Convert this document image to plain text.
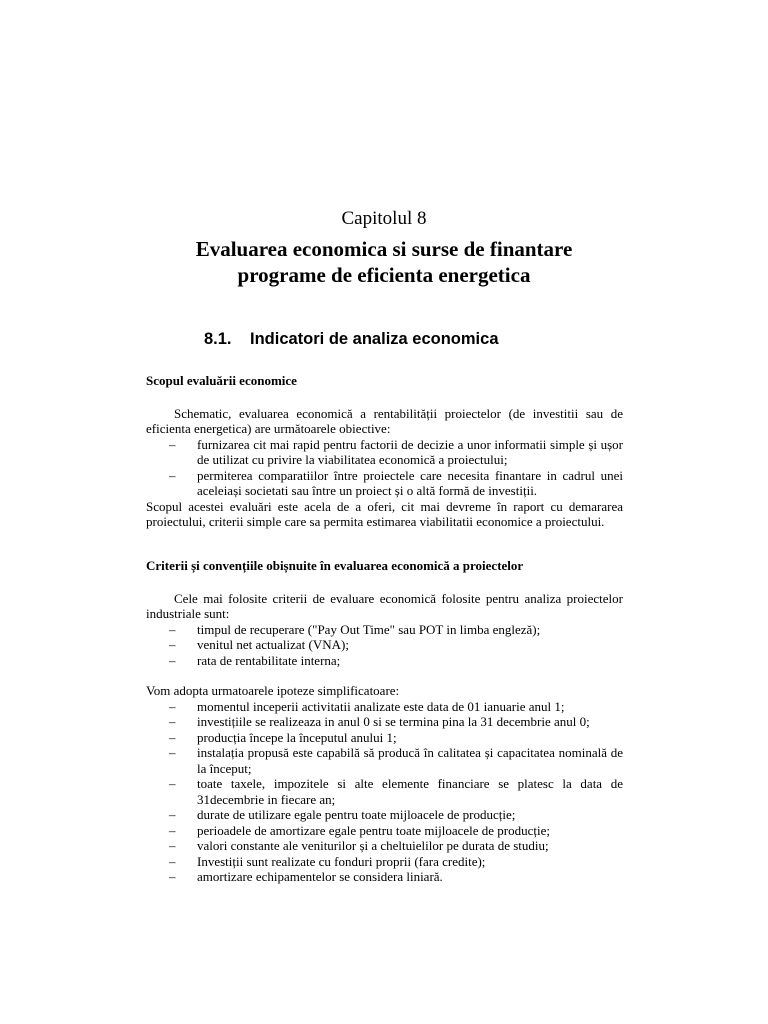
Capitolul 8
Evaluarea economica si surse de finantare
programe de eficienta energetica
8.1. Indicatori de analiza economica

Scopul evaluării economice

Schematic, evaluarea economică a rentabilității proiectelor (de investitii sau de eficienta energetica) are următoarele obiective:

– furnizarea cit mai rapid pentru factorii de decizie a unor informatii simple și ușor de utilizat cu privire la viabilitatea economică a proiectului;
– permiterea comparatiilor între proiectele care necesita finantare in cadrul unei aceleiași societati sau între un proiect și o altă formă de investiții.

Scopul acestei evaluări este acela de a oferi, cit mai devreme în raport cu demararea proiectului, criterii simple care sa permita estimarea viabilitatii economice a proiectului.

Criterii și convențiile obișnuite în evaluarea economică a proiectelor

Cele mai folosite criterii de evaluare economică folosite pentru analiza proiectelor industriale sunt:

– timpul de recuperare ("Pay Out Time" sau POT in limba engleză);
– venitul net actualizat (VNA);
– rata de rentabilitate interna;

Vom adopta urmatoarele ipoteze simplificatoare:

– momentul inceperii activitatii analizate este data de 01 ianuarie anul 1;
– investițiile se realizeaza in anul 0 si se termina pina la 31 decembrie anul 0;
– producția începe la începutul anului 1;
– instalația propusă este capabilă să producă în calitatea și capacitatea nominală de la început;
– toate taxele, impozitele si alte elemente financiare se platesc la data de 31decembrie in fiecare an;
– durate de utilizare egale pentru toate mijloacele de producție;
– perioadele de amortizare egale pentru toate mijloacele de producție;
– valori constante ale veniturilor și a cheltuielilor pe durata de studiu;
– Investiții sunt realizate cu fonduri proprii (fara credite);
– amortizare echipamentelor se considera liniară.
